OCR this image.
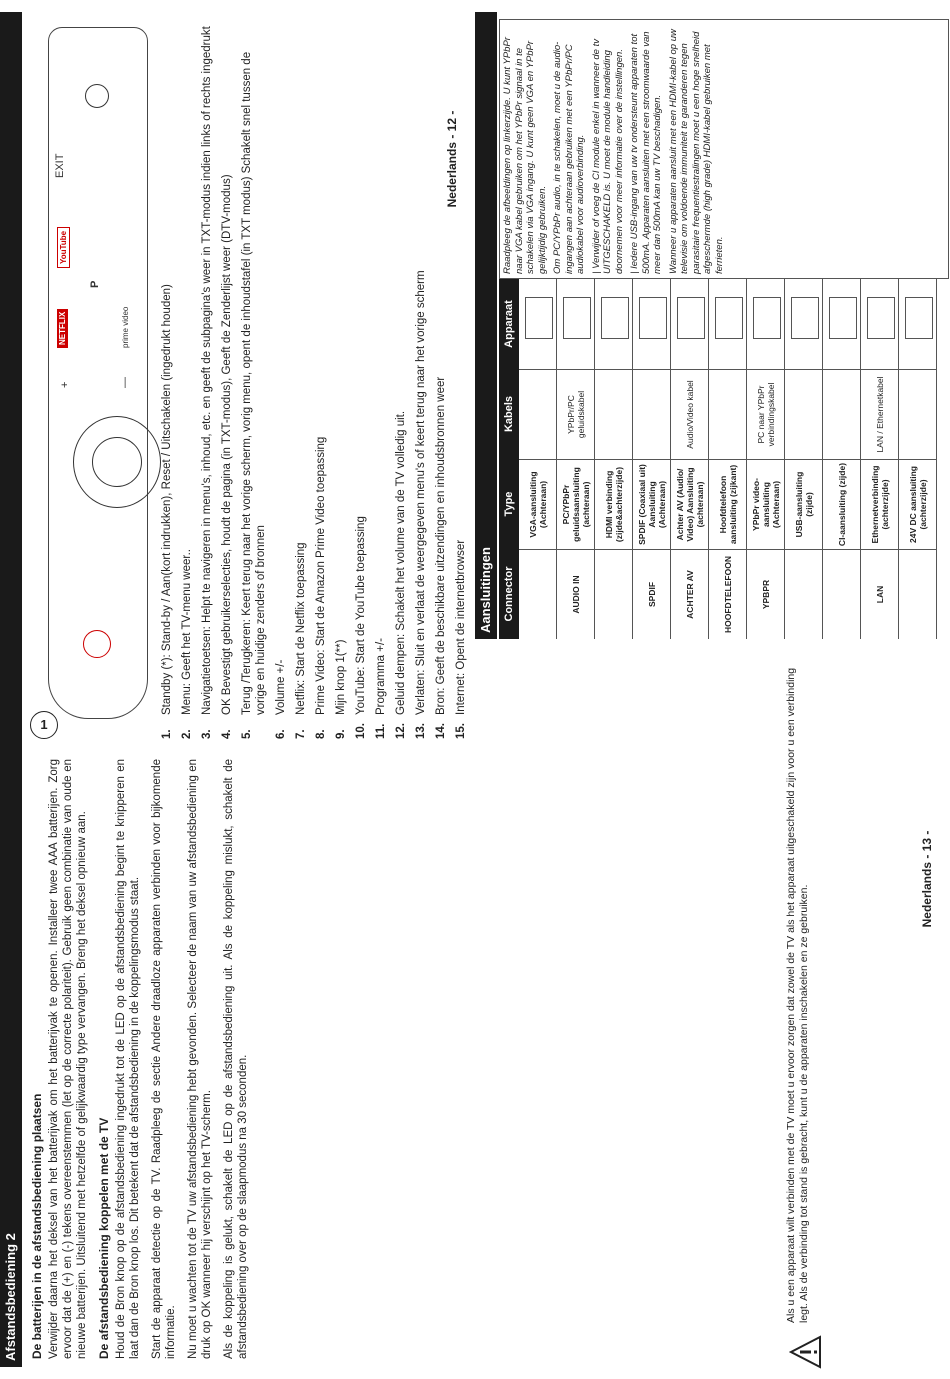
Afstandsbediening 2
+	—
P
EXIT
NETFLIX
YouTube
prime video
1
1.
Standby (*): Stand-by / Aan(kort indrukken), Reset / Uitschakelen (ingedrukt houden)
2.
Menu: Geeft het TV-menu weer..
3.
Navigatietoetsen: Helpt te navigeren in menu's, inhoud, etc. en geeft de subpagina's weer in TXT-modus indien links of rechts ingedrukt
4.
OK Bevestigt gebruikerselecties, houdt de pagina (in TXT-modus), Geeft de Zenderlijst weer (DTV-modus)
5.
Terug /Terugkeren: Keert terug naar het vorige scherm, vorig menu, opent de inhoudstafel (in TXT modus) Schakelt snel tussen de vorige en huidige zenders of bronnen
6.
Volume +/-
7.
Netflix: Start de Netflix toepassing
8.
Prime Video: Start de Amazon Prime Video toepassing
9.
Mijn knop 1(**)
10.
YouTube: Start de YouTube toepassing
11.
Programma +/-
12.
Geluid dempen: Schakelt het volume van de TV volledig uit.
13.
Verlaten: Sluit en verlaat de weergegeven menu's of keert terug naar het vorige scherm
14.
Bron: Geeft de beschikbare uitzendingen en inhoudsbronnen weer
15.
Internet: Opent de internetbrowser
De batterijen in de afstandsbediening plaatsen Verwijder daarna het deksel van het batterijvak om het batterijvak te openen. Installeer twee AAA batterijen. Zorg ervoor dat de (+) en (-) tekens overeenstemmen (let op de correcte polariteit). Gebruik geen combinatie van oude en nieuwe batterijen. Uitsluitend met hetzelfde of gelijkwaardig type vervangen. Breng het deksel opnieuw aan. De afstandsbediening koppelen met de TV Houd de Bron knop op de afstandsbediening ingedrukt tot de LED op de afstandsbediening begint te knipperen en laat dan de Bron knop los. Dit betekent dat de afstandsbediening in de koppelingsmodus staat. Start de apparaat detectie op de TV. Raadpleeg de sectie Andere draadloze apparaten verbinden voor bijkomende informatie. Nu moet u wachten tot de TV uw afstandsbediening hebt gevonden. Selecteer de naam van uw afstandsbediening en druk op OK wanneer hij verschijnt op het TV-scherm. Als de koppeling is gelukt, schakelt de LED op de afstandsbediening uit. Als de koppeling mislukt, schakelt de afstandsbediening over op de slaapmodus na 30 seconden.

Nederlands - 12 -
Aansluitingen Connector
Type
Kabels
Apparaat
Raadpleeg de afbeeldingen op linkerzijde. U kunt YPbPr naar VGA kabel gebruiken om het YPbPr signaal in te schakelen via VGA ingang. U kunt geen VGA en YPbPr gelijktijdig gebruiken. Om PC/YPbPr audio, in te schakelen, moet u de audio-ingangen aan achteraan gebruiken met een YPbPr/PC audiokabel voor audioverbinding. | Verwijder of voeg de CI module enkel in wanneer de tv UITGESCHAKELD is. U moet de module handleiding doornemen voor meer informatie over de instellingen. | Iedere USB-ingang van uw tv ondersteunt apparaten tot 500mA. Apparaten aansluiten met een stroomwaarde van meer dan 500mA kan uw TV beschadigen. Wanneer u apparaten aansluit met een HDMI-kabel op uw televisie om voldoende immuniteit te garanderen tegen parasitaire frequentiestralingen moet u een hoge snelheid afgeschermde (high grade) HDMI-kabel gebruiken met ferrieten.
VGA-aansluiting (Achteraan)
AUDIO IN
PC/YPbPr geluidsaansluiting (achteraan)
YPbPr/PC geluidskabel
HDMI verbinding (zijde&achterzijde)
SPDIF
SPDIF (Coaxiaal uit) Aansluiting (Achteraan)
ACHTER AV
Achter AV (Audio/ Video) Aansluiting (achteraan)
Audio/Video kabel
HOOFDTELEFOON
Hoofdtelefoon aansluiting (zijkant)
YPBPR
YPbPr video-aansluiting (Achteraan)
PC naar YPbPr verbindingskabel
USB-aansluiting (zijde)	CI-aansluiting (zijde)
LAN
Ethernetverbinding (achterzijde)
LAN / Ethernetkabel
24V DC aansluiting (achterzijde)
Als u een apparaat wilt verbinden met de TV moet u ervoor zorgen dat zowel de TV als het apparaat uitgeschakeld zijn voor u een verbinding legt. Als de verbinding tot stand is gebracht, kunt u de apparaten inschakelen en ze gebruiken.
Nederlands - 13 -
